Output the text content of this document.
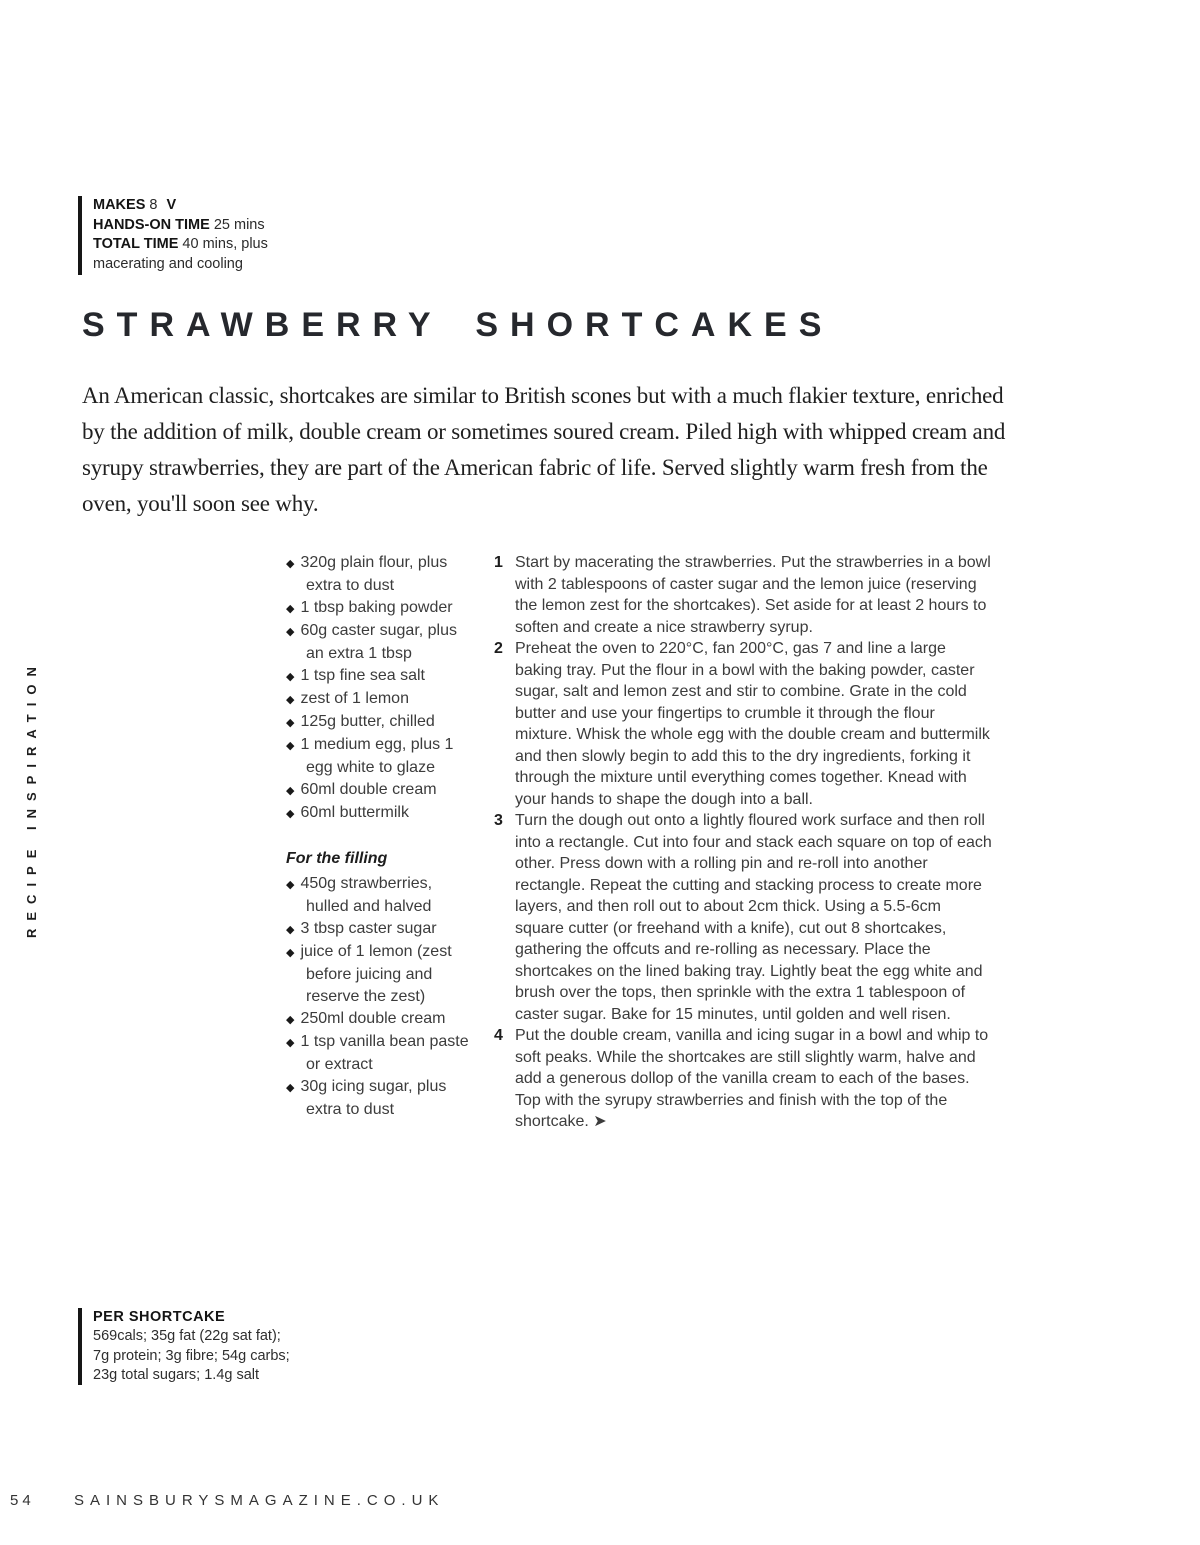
RECIPE INSPIRATION
MAKES 8 V
HANDS-ON TIME 25 mins
TOTAL TIME 40 mins, plus macerating and cooling
STRAWBERRY SHORTCAKES

An American classic, shortcakes are similar to British scones but with a much flakier texture, enriched by the addition of milk, double cream or sometimes soured cream. Piled high with whipped cream and syrupy strawberries, they are part of the American fabric of life. Served slightly warm fresh from the oven, you'll soon see why.

◆ 320g plain flour, plus extra to dust
◆ 1 tbsp baking powder
◆ 60g caster sugar, plus an extra 1 tbsp
◆ 1 tsp fine sea salt
◆ zest of 1 lemon
◆ 125g butter, chilled
◆ 1 medium egg, plus 1 egg white to glaze
◆ 60ml double cream
◆ 60ml buttermilk
For the filling
◆ 450g strawberries, hulled and halved
◆ 3 tbsp caster sugar
◆ juice of 1 lemon (zest before juicing and reserve the zest)
◆ 250ml double cream
◆ 1 tsp vanilla bean paste or extract
◆ 30g icing sugar, plus extra to dust
1 Start by macerating the strawberries. Put the strawberries in a bowl with 2 tablespoons of caster sugar and the lemon juice (reserving the lemon zest for the shortcakes). Set aside for at least 2 hours to soften and create a nice strawberry syrup.
2 Preheat the oven to 220°C, fan 200°C, gas 7 and line a large baking tray. Put the flour in a bowl with the baking powder, caster sugar, salt and lemon zest and stir to combine. Grate in the cold butter and use your fingertips to crumble it through the flour mixture. Whisk the whole egg with the double cream and buttermilk and then slowly begin to add this to the dry ingredients, forking it through the mixture until everything comes together. Knead with your hands to shape the dough into a ball.
3 Turn the dough out onto a lightly floured work surface and then roll into a rectangle. Cut into four and stack each square on top of each other. Press down with a rolling pin and re-roll into another rectangle. Repeat the cutting and stacking process to create more layers, and then roll out to about 2cm thick. Using a 5.5-6cm square cutter (or freehand with a knife), cut out 8 shortcakes, gathering the offcuts and re-rolling as necessary. Place the shortcakes on the lined baking tray. Lightly beat the egg white and brush over the tops, then sprinkle with the extra 1 tablespoon of caster sugar. Bake for 15 minutes, until golden and well risen.
4 Put the double cream, vanilla and icing sugar in a bowl and whip to soft peaks. While the shortcakes are still slightly warm, halve and add a generous dollop of the vanilla cream to each of the bases. Top with the syrupy strawberries and finish with the top of the shortcake. ➤
PER SHORTCAKE
569cals; 35g fat (22g sat fat);
7g protein; 3g fibre; 54g carbs;
23g total sugars; 1.4g salt
54	SAINSBURYSMAGAZINE.CO.UK
